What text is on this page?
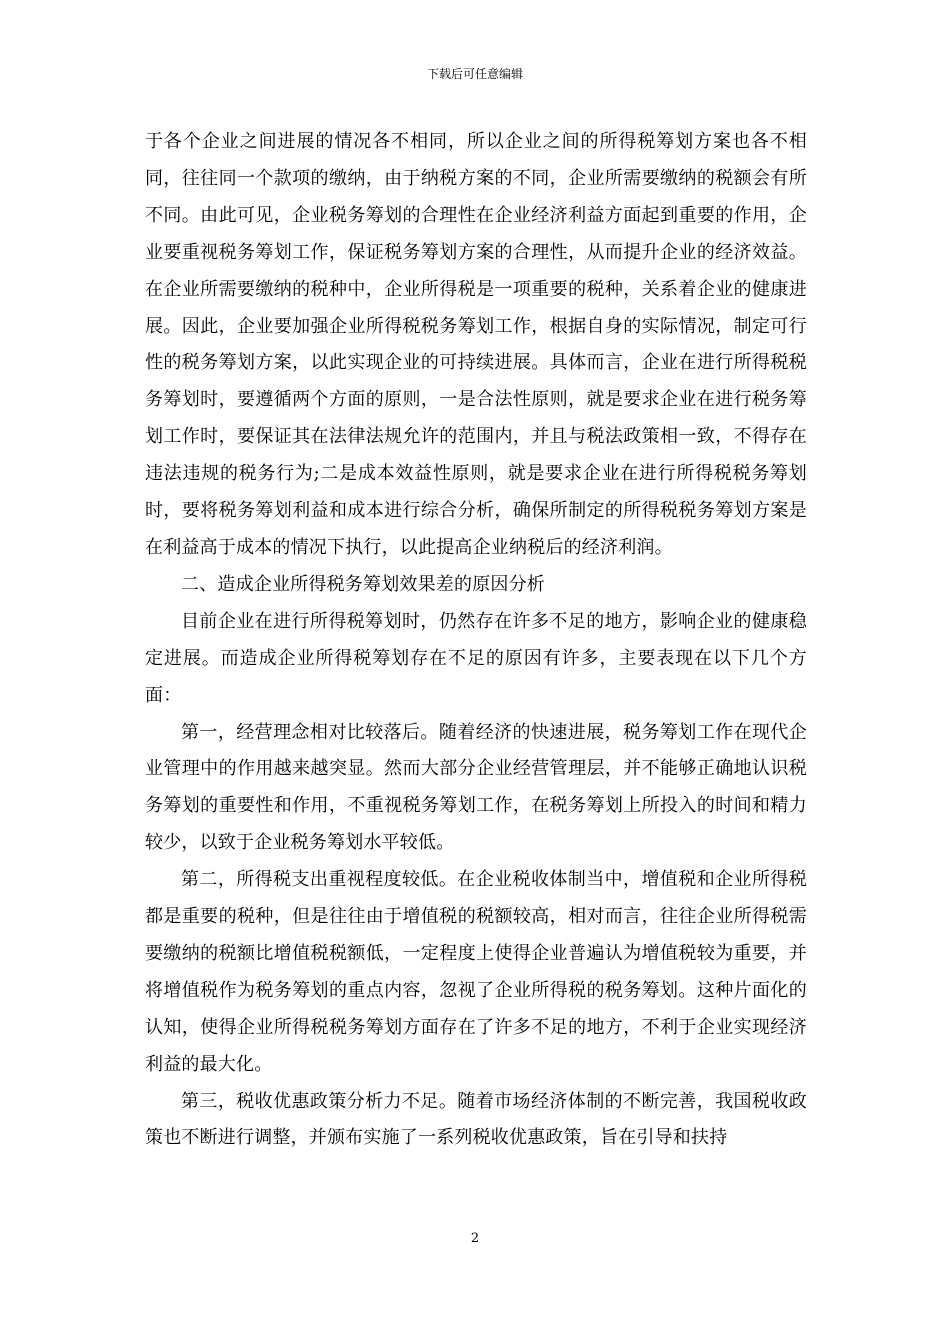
下载后可任意编辑

于各个企业之间进展的情况各不相同，所以企业之间的所得税筹划方案也各不相同，往往同一个款项的缴纳，由于纳税方案的不同，企业所需要缴纳的税额会有所不同。由此可见，企业税务筹划的合理性在企业经济利益方面起到重要的作用，企业要重视税务筹划工作，保证税务筹划方案的合理性，从而提升企业的经济效益。在企业所需要缴纳的税种中，企业所得税是一项重要的税种，关系着企业的健康进展。因此，企业要加强企业所得税税务筹划工作，根据自身的实际情况，制定可行性的税务筹划方案，以此实现企业的可持续进展。具体而言，企业在进行所得税税务筹划时，要遵循两个方面的原则，一是合法性原则，就是要求企业在进行税务筹划工作时，要保证其在法律法规允许的范围内，并且与税法政策相一致，不得存在违法违规的税务行为;二是成本效益性原则，就是要求企业在进行所得税税务筹划时，要将税务筹划利益和成本进行综合分析，确保所制定的所得税税务筹划方案是在利益高于成本的情况下执行，以此提高企业纳税后的经济利润。

二、造成企业所得税务筹划效果差的原因分析

目前企业在进行所得税筹划时，仍然存在许多不足的地方，影响企业的健康稳定进展。而造成企业所得税筹划存在不足的原因有许多，主要表现在以下几个方面：

第一，经营理念相对比较落后。随着经济的快速进展，税务筹划工作在现代企业管理中的作用越来越突显。然而大部分企业经营管理层，并不能够正确地认识税务筹划的重要性和作用，不重视税务筹划工作，在税务筹划上所投入的时间和精力较少，以致于企业税务筹划水平较低。

第二，所得税支出重视程度较低。在企业税收体制当中，增值税和企业所得税都是重要的税种，但是往往由于增值税的税额较高，相对而言，往往企业所得税需要缴纳的税额比增值税税额低，一定程度上使得企业普遍认为增值税较为重要，并将增值税作为税务筹划的重点内容，忽视了企业所得税的税务筹划。这种片面化的认知，使得企业所得税税务筹划方面存在了许多不足的地方，不利于企业实现经济利益的最大化。

第三，税收优惠政策分析力不足。随着市场经济体制的不断完善，我国税收政策也不断进行调整，并颁布实施了一系列税收优惠政策，旨在引导和扶持

2
